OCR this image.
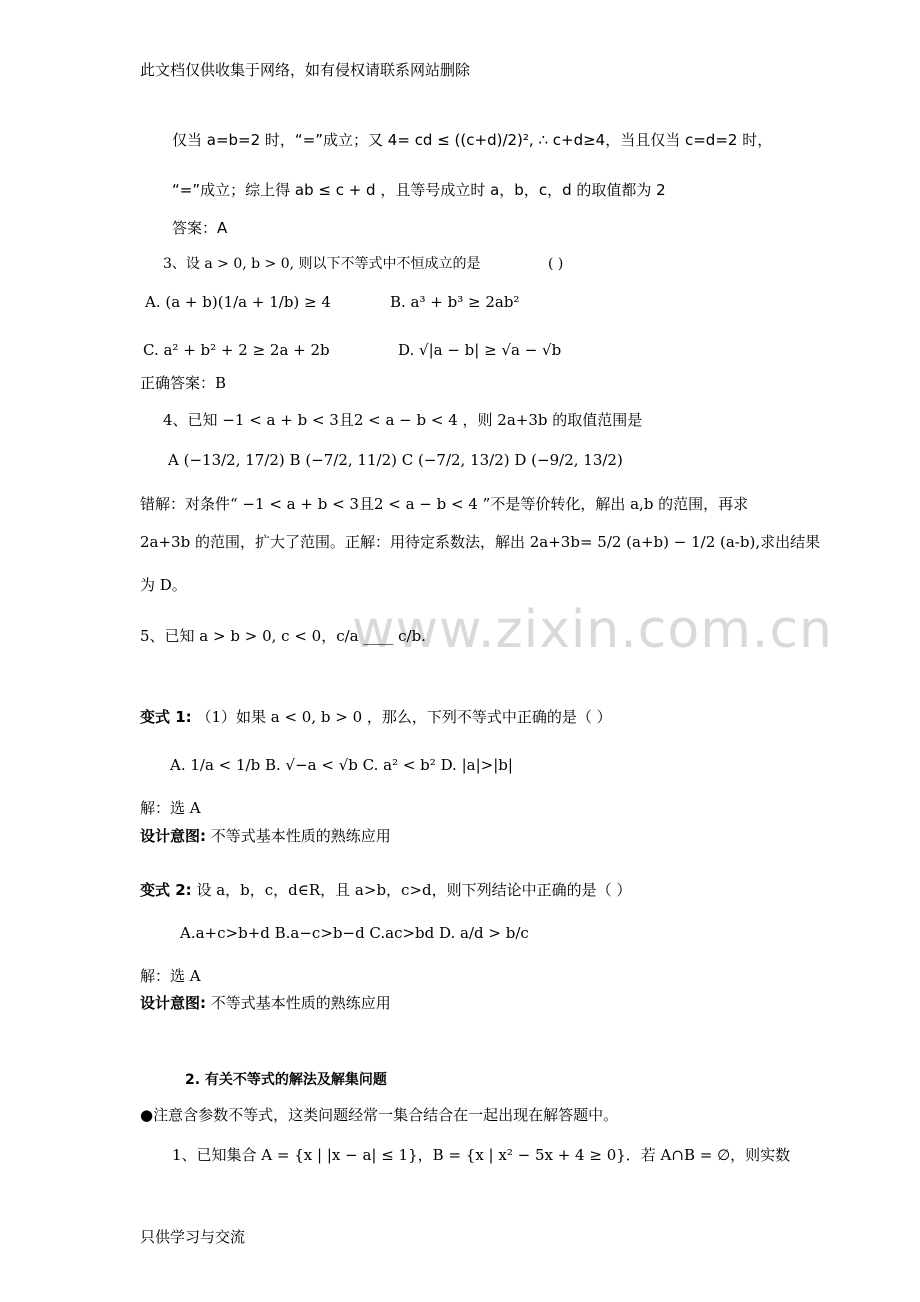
www.zixin.com.cn
此文档仅供收集于网络，如有侵权请联系网站删除
仅当 a=b=2 时，“=”成立；又 4= cd ≤ ((c+d)/2)², ∴ c+d≥4，当且仅当 c=d=2 时，
“=”成立；综上得 ab ≤ c + d ，且等号成立时 a，b，c，d 的取值都为 2
答案：A
3、设 a > 0, b > 0, 则以下不等式中不恒成立的是	( )
A. (a + b)(1/a + 1/b) ≥ 4	B. a³ + b³ ≥ 2ab²
C. a² + b² + 2 ≥ 2a + 2b	D. √|a − b| ≥ √a − √b
正确答案：B
4、已知 −1 < a + b < 3且2 < a − b < 4 ，则 2a+3b 的取值范围是
A (−13/2, 17/2) B (−7/2, 11/2) C (−7/2, 13/2) D (−9/2, 13/2)
错解：对条件“ −1 < a + b < 3且2 < a − b < 4 ”不是等价转化，解出 a,b 的范围，再求
2a+3b 的范围，扩大了范围。正解：用待定系数法，解出 2a+3b= 5/2 (a+b) − 1/2 (a-b),求出结果
为 D。
5、已知 a > b > 0, c < 0，c/a ____ c/b.
变式 1: （1）如果 a < 0, b > 0 ，那么，下列不等式中正确的是（ ）
A. 1/a < 1/b B. √−a < √b C. a² < b² D. |a|>|b|
解：选 A
设计意图: 不等式基本性质的熟练应用
变式 2: 设 a，b，c，d∈R，且 a>b，c>d，则下列结论中正确的是（ ）
A.a+c>b+d B.a−c>b−d C.ac>bd D. a/d > b/c
解：选 A
设计意图: 不等式基本性质的熟练应用
2. 有关不等式的解法及解集问题
●注意含参数不等式，这类问题经常一集合结合在一起出现在解答题中。
1、已知集合 A = {x | |x − a| ≤ 1}，B = {x | x² − 5x + 4 ≥ 0}．若 A∩B = ∅，则实数
只供学习与交流
